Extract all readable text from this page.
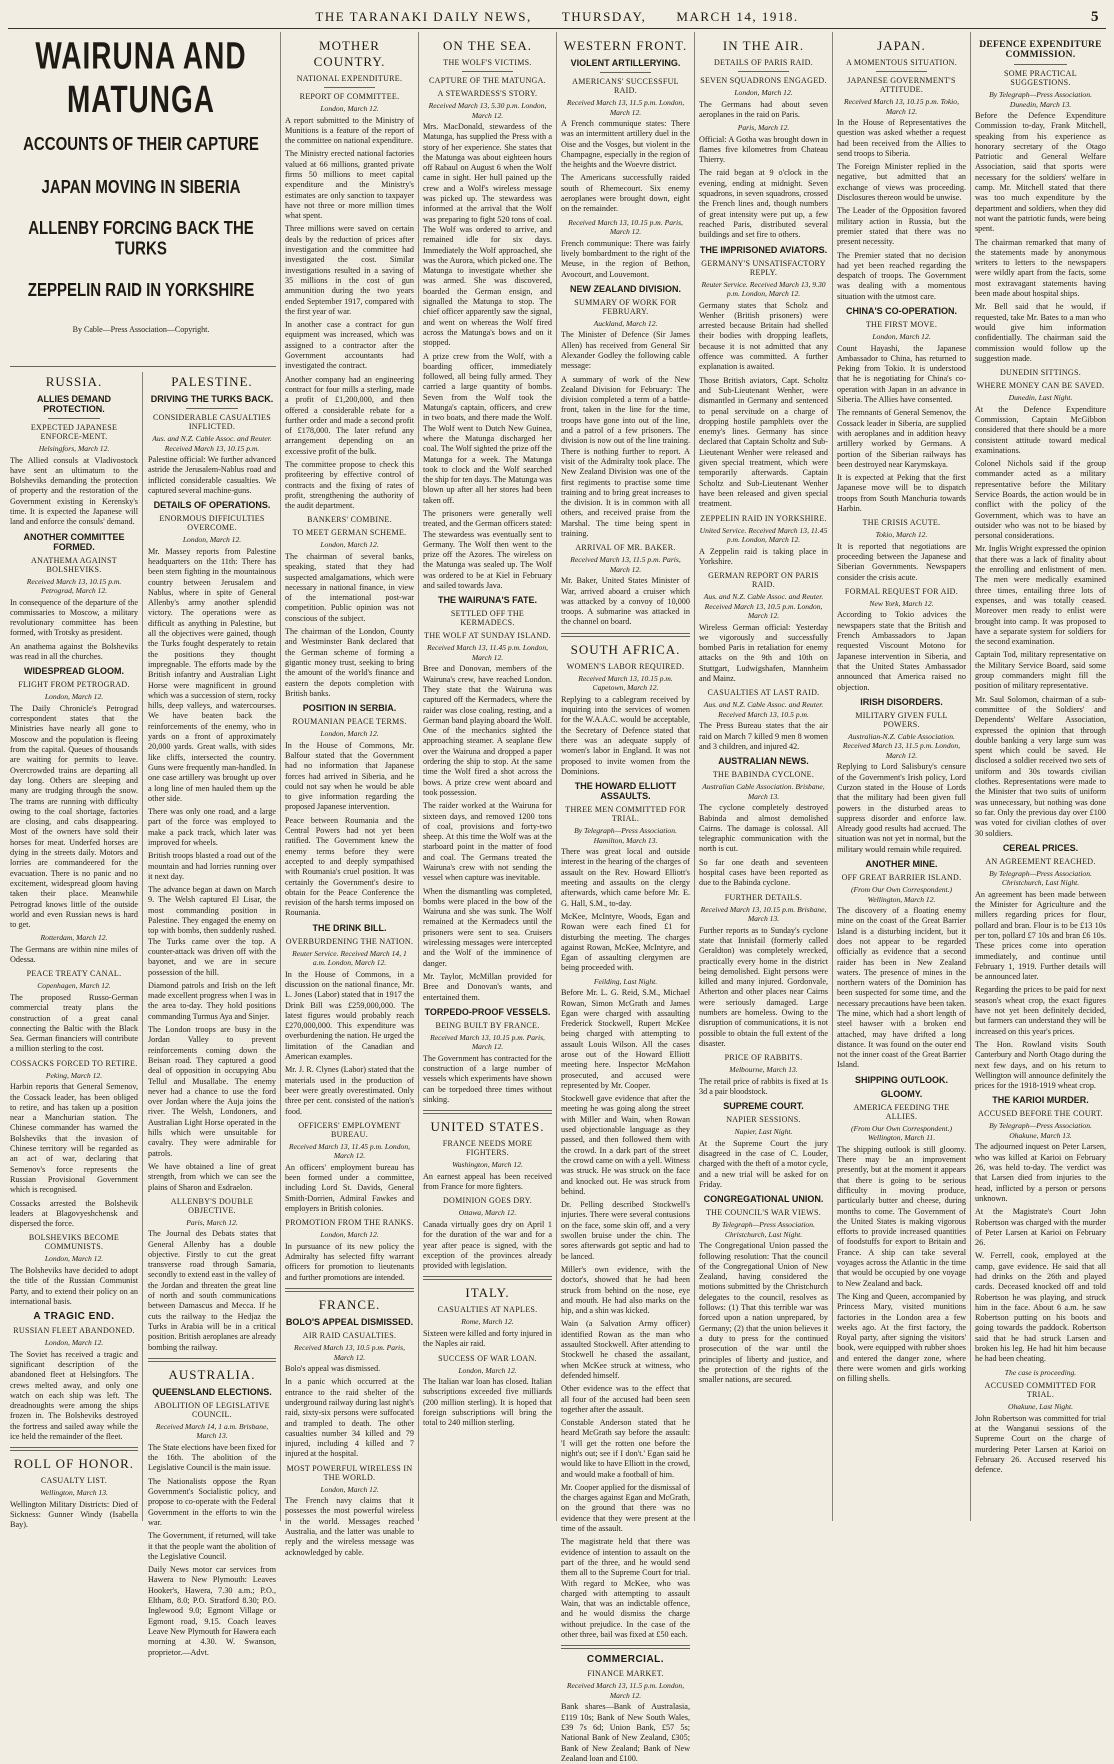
THE TARANAKI DAILY NEWS, THURSDAY, MARCH 14, 1918.	5
WAIRUNA AND MATUNGA
ACCOUNTS OF THEIR CAPTURE
JAPAN MOVING IN SIBERIA
ALLENBY FORCING BACK THE TURKS
ZEPPELIN RAID IN YORKSHIRE
By Cable—Press Association—Copyright.
RUSSIA.
ALLIES DEMAND PROTECTION.
EXPECTED JAPANESE ENFORCE-MENT.
Helsingfors, March 12.

The Allied consuls at Vladivostock have sent an ultimatum to the Bolsheviks demanding the protection of property and the restoration of the Government existing in Kerensky's time. It is expected the Japanese will land and enforce the consuls' demand.

ANOTHER COMMITTEE FORMED.
ANATHEMA AGAINST BOLSHEVIKS.
Received March 13, 10.15 p.m. Petrograd, March 12.

In consequence of the departure of the commissaries to Moscow, a military revolutionary committee has been formed, with Trotsky as president.

An anathema against the Bolsheviks was read in all the churches.

WIDESPREAD GLOOM.
FLIGHT FROM PETROGRAD.
London, March 12.

The Daily Chronicle's Petrograd correspondent states that the Ministries have nearly all gone to Moscow and the population is fleeing from the capital. Queues of thousands are waiting for permits to leave. Overcrowded trains are departing all day long. Others are sleeping and many are trudging through the snow. The trams are running with difficulty owing to the coal shortage, factories are closing, and cabs disappearing. Most of the owners have sold their horses for meat. Underfed horses are dying in the streets daily. Motors and lorries are commandeered for the evacuation. There is no panic and no excitement, widespread gloom having taken their place. Meanwhile Petrograd knows little of the outside world and even Russian news is hard to get.

Rotterdam, March 12.

The Germans are within nine miles of Odessa.

PEACE TREATY CANAL.
Copenhagen, March 12.

The proposed Russo-German commercial treaty plans the construction of a great canal connecting the Baltic with the Black Sea. German financiers will contribute a million sterling to the cost.

COSSACKS FORCED TO RETIRE.
Peking, March 12.

Harbin reports that General Semenov, the Cossack leader, has been obliged to retire, and has taken up a position near a Manchurian station. The Chinese commander has warned the Bolsheviks that the invasion of Chinese territory will be regarded as an act of war, declaring that Semenov's force represents the Russian Provisional Government which is recognised.

Cossacks arrested the Bolshevik leaders at Blagovyeshchensk and dispersed the force.

BOLSHEVIKS BECOME COMMUNISTS.
London, March 12.

The Bolsheviks have decided to adopt the title of the Russian Communist Party, and to extend their policy on an international basis.

A TRAGIC END.
RUSSIAN FLEET ABANDONED.
London, March 12.

The Soviet has received a tragic and significant description of the abandoned fleet at Helsingfors. The crews melted away, and only one watch on each ship was left. The dreadnoughts were among the ships frozen in. The Bolsheviks destroyed the fortress and sailed away while the ice held the remainder of the fleet.

ROLL OF HONOR.
CASUALTY LIST.
Wellington, March 13.

Wellington Military Districts: Died of Sickness: Gunner Windy (Isabella Bay).

PALESTINE.
DRIVING THE TURKS BACK.
CONSIDERABLE CASUALTIES INFLICTED.
Aus. and N.Z. Cable Assoc. and Reuter. Received March 13, 10.15 p.m.

Palestine official: We further advanced astride the Jerusalem-Nablus road and inflicted considerable casualties. We captured several machine-guns.

DETAILS OF OPERATIONS.
ENORMOUS DIFFICULTIES OVERCOME.
London, March 12.

Mr. Massey reports from Palestine headquarters on the 11th: There has been stern fighting in the mountainous country between Jerusalem and Nablus, where in spite of General Allenby's army another splendid victory. The operations were as difficult as anything in Palestine, but all the objectives were gained, though the Turks fought desperately to retain the positions they thought impregnable. The efforts made by the British infantry and Australian Light Horse were magnificent in ground which was a succession of stern, rocky hills, deep valleys, and watercourses. We have beaten back the reinforcements of the enemy, who in yards on a front of approximately 20,000 yards. Great walls, with sides like cliffs, intersected the country. Guns were frequently man-handled. In one case artillery was brought up over a long line of men hauled them up the other side.

There was only one road, and a large part of the force was employed to make a pack track, which later was improved for wheels.

British troops blasted a road out of the mountain and had lorries running over it next day.

The advance began at dawn on March 9. The Welsh captured El Lisar, the most commanding position in Palestine. They engaged the enemy on top with bombs, then suddenly rushed. The Turks came over the top. A counter-attack was driven off with the bayonet, and we are in secure possession of the hill.

Diamond patrols and Irish on the left made excellent progress when I was in the area to-day. They hold positions commanding Turmus Aya and Sinjer.

The London troops are busy in the Jordan Valley to prevent reinforcements coming down the Beisan road. They captured a good deal of opposition in occupying Abu Tellul and Musallabe. The enemy never had a chance to use the ford over Jordan where the Auja joins the river. The Welsh, Londoners, and Australian Light Horse operated in the hills which were unsuitable for cavalry. They were admirable for patrols.

We have obtained a line of great strength, from which we can see the plains of Sharon and Esdraelon.

ALLENBY'S DOUBLE OBJECTIVE.
Paris, March 12.

The Journal des Debats states that General Allenby has a double objective. Firstly to cut the great transverse road through Samaria, secondly to extend east in the valley of the Jordan and threaten the great line of north and south communications between Damascus and Mecca. If he cuts the railway to the Hedjaz the Turks in Arabia will be in a critical position. British aeroplanes are already bombing the railway.

AUSTRALIA.
QUEENSLAND ELECTIONS.
ABOLITION OF LEGISLATIVE COUNCIL.
Received March 14, 1 a.m. Brisbane, March 13.

The State elections have been fixed for the 16th. The abolition of the Legislative Council is the main issue.

The Nationalists oppose the Ryan Government's Socialistic policy, and propose to co-operate with the Federal Government in the efforts to win the war.

The Government, if returned, will take it that the people want the abolition of the Legislative Council.

Daily News motor car services from Hawera to New Plymouth: Leaves Hooker's, Hawera, 7.30 a.m.; P.O., Eltham, 8.0; P.O. Stratford 8.30; P.O. Inglewood 9.0; Egmont Village or Egmont road, 9.15. Coach leaves Leave New Plymouth for Hawera each morning at 4.30. W. Swanson, proprietor.—Advt.

MOTHER COUNTRY.
NATIONAL EXPENDITURE.
REPORT OF COMMITTEE.
London, March 12.

A report submitted to the Ministry of Munitions is a feature of the report of the committee on national expenditure.

The Ministry erected national factories valued at 66 millions, granted private firms 50 millions to meet capital expenditure and the Ministry's estimates are only sanction to taxpayer have not three or more million times what spent.

Three millions were saved on certain deals by the reduction of prices after investigation and the committee had investigated the cost. Similar investigations resulted in a saving of 35 millions in the cost of gun ammunition during the two years ended September 1917, compared with the first year of war.

In another case a contract for gun equipment was increased, which was assigned to a contractor after the Government accountants had investigated the contract.

Another company had an engineering contract for four mills a sterling, made a profit of £1,200,000, and then offered a considerable rebate for a further order and made a second profit of £178,000. The later refund any arrangement depending on an excessive profit of the bulk.

The committee propose to check this profiteering by effective control of contracts and the fixing of rates of profit, strengthening the authority of the audit department.

BANKERS' COMBINE.
TO MEET GERMAN SCHEME.
London, March 12.

The chairman of several banks, speaking, stated that they had suspected amalgamations, which were necessary in national finance, in view of the international post-war competition. Public opinion was not conscious of the subject.

The chairman of the London, County and Westminster Bank declared that the German scheme of forming a gigantic money trust, seeking to bring the amount of the world's finance and eastern the depots completion with British banks.

POSITION IN SERBIA.
ROUMANIAN PEACE TERMS.
London, March 12.

In the House of Commons, Mr. Balfour stated that the Government had no information that Japanese forces had arrived in Siberia, and he could not say when he would be able to give information regarding the proposed Japanese intervention.

Peace between Roumania and the Central Powers had not yet been ratified. The Government knew the enemy terms before they were accepted to and deeply sympathised with Roumania's cruel position. It was certainly the Government's desire to obtain for the Peace Conference the revision of the harsh terms imposed on Roumania.

THE DRINK BILL.
OVERBURDENING THE NATION.
Reuter Service. Received March 14, 1 a.m. London, March 12.

In the House of Commons, in a discussion on the national finance, Mr. L. Jones (Labor) stated that in 1917 the Drink Bill was £259,000,000. The latest figures would probably reach £270,000,000. This expenditure was overburdening the nation. He urged the limitation of the Canadian and American examples.

Mr. J. R. Clynes (Labor) stated that the materials used in the production of beer were greatly overestimated. Only three per cent. consisted of the nation's food.

OFFICERS' EMPLOYMENT BUREAU.
Received March 13, 11.45 p.m. London, March 12.

An officers' employment bureau has been formed under a committee, including Lord St. Davids, General Smith-Dorrien, Admiral Fawkes and employers in British colonies.

PROMOTION FROM THE RANKS.
London, March 12.

In pursuance of its new policy the Admiralty has selected fifty warrant officers for promotion to lieutenants and further promotions are intended.

FRANCE.
BOLO'S APPEAL DISMISSED.
AIR RAID CASUALTIES.
Received March 13, 10.5 p.m. Paris, March 12.

Bolo's appeal was dismissed.

In a panic which occurred at the entrance to the raid shelter of the underground railway during last night's raid, sixty-six persons were suffocated and trampled to death. The other casualties number 34 killed and 79 injured, including 4 killed and 7 injured at the hospital.

MOST POWERFUL WIRELESS IN THE WORLD.
London, March 12.

The French navy claims that it possesses the most powerful wireless in the world. Messages reached Australia, and the latter was unable to reply and the wireless message was acknowledged by cable.

ON THE SEA.
THE WOLF'S VICTIMS.
CAPTURE OF THE MATUNGA.
A STEWARDESS'S STORY.
Received March 13, 5.30 p.m. London, March 12.

Mrs. MacDonald, stewardess of the Matunga, has supplied the Press with a story of her experience. She states that the Matunga was about eighteen hours off Rabaul on August 6 when the Wolf came in sight. Her hull pained up the crew and a Wolf's wireless message was picked up. The stewardess was informed at the arrival that the Wolf was preparing to fight 520 tons of coal. The Wolf was ordered to arrive, and remained idle for six days. Immediately the Wolf approached, she was the Aurora, which picked one. The Matunga to investigate whether she was armed. She was discovered, boarded the German ensign, and signalled the Matunga to stop. The chief officer apparently saw the signal, and went on whereas the Wolf fired across the Matunga's bows and on it stopped.

A prize crew from the Wolf, with a boarding officer, immediately followed, all being fully armed. They carried a large quantity of bombs. Seven from the Wolf took the Matunga's captain, officers, and crew in two boats, and there made the Wolf. The Wolf went to Dutch New Guinea, where the Matunga discharged her coal. The Wolf sighted the prize off the Matunga for a week. The Matunga took to clock and the Wolf searched the ship for ten days. The Matunga was blown up after all her stores had been taken off.

The prisoners were generally well treated, and the German officers stated: The stewardess was eventually sent to Germany. The Wolf then went to the prize off the Azores. The wireless on the Matunga was sealed up. The Wolf was ordered to be at Kiel in February and sailed towards Java.

THE WAIRUNA'S FATE.
SETTLED OFF THE KERMADECS.
THE WOLF AT SUNDAY ISLAND.
Received March 13, 11.45 p.m. London, March 12.

Bree and Donovan, members of the Wairuna's crew, have reached London. They state that the Wairuna was captured off the Kermadecs, where the raider was close coaling, resting, and a German band playing aboard the Wolf. One of the mechanics sighted the approaching steamer. A seaplane flew over the Wairuna and dropped a paper ordering the ship to stop. At the same time the Wolf fired a shot across the bows. A prize crew went aboard and took possession.

The raider worked at the Wairuna for sixteen days, and removed 1200 tons of coal, provisions and forty-two sheep. At this time the Wolf was at the starboard point in the matter of food and coal. The Germans treated the Wairuna's crew with not sending the vessel when capture was inevitable.

When the dismantling was completed, bombs were placed in the bow of the Wairuna and she was sunk. The Wolf remained at the Kermadecs until the prisoners were sent to sea. Cruisers wirelessing messages were intercepted and the Wolf of the imminence of danger.

Mr. Taylor, McMillan provided for Bree and Donovan's wants, and entertained them.

TORPEDO-PROOF VESSELS.
BEING BUILT BY FRANCE.
Received March 13, 10.15 p.m. Paris, March 12.

The Government has contracted for the construction of a large number of vessels which experiments have shown can be torpedoed three times without sinking.

UNITED STATES.
FRANCE NEEDS MORE FIGHTERS.
Washington, March 12.

An earnest appeal has been received from France for more fighters.

DOMINION GOES DRY.
Ottawa, March 12.

Canada virtually goes dry on April 1 for the duration of the war and for a year after peace is signed, with the exception of the provinces already provided with legislation.

ITALY.
CASUALTIES AT NAPLES.
Rome, March 12.

Sixteen were killed and forty injured in the Naples air raid.

SUCCESS OF WAR LOAN.
London, March 12.

The Italian war loan has closed. Italian subscriptions exceeded five milliards (200 million sterling). It is hoped that foreign subscriptions will bring the total to 240 million sterling.

WESTERN FRONT.
VIOLENT ARTILLERYING.
AMERICANS' SUCCESSFUL RAID.
Received March 13, 11.5 p.m. London, March 12.

A French communique states: There was an intermittent artillery duel in the Oise and the Vosges, but violent in the Champagne, especially in the region of the heights and the Woevre district.

The Americans successfully raided south of Rhemecourt. Six enemy aeroplanes were brought down, eight on the remainder.

Received March 13, 10.15 p.m. Paris, March 12.

French communique: There was fairly lively bombardment to the right of the Meuse, in the region of Bethon, Avocourt, and Louvemont.

NEW ZEALAND DIVISION.
SUMMARY OF WORK FOR FEBRUARY.
Auckland, March 12.

The Minister of Defence (Sir James Allen) has received from General Sir Alexander Godley the following cable message:

A summary of work of the New Zealand Division for February: The division completed a term of a battle-front, taken in the line for the time, troops have gone into out of the line, and a patrol of a few prisoners. The division is now out of the line training. There is nothing further to report. A visit of the Admiralty took place. The New Zealand Division was one of the first regiments to practise some time training and to bring great increases to the division. It is in common with all others, and received praise from the Marshal. The time being spent in training.

ARRIVAL OF MR. BAKER.
Received March 13, 11.5 p.m. Paris, March 12.

Mr. Baker, United States Minister of War, arrived aboard a cruiser which was attacked by a convoy of 10,000 troops. A submarine was attacked in the channel on board.

SOUTH AFRICA.
WOMEN'S LABOR REQUIRED.
Received March 13, 10.15 p.m. Capetown, March 12.

Replying to a cablegram received by inquiring into the services of women for the W.A.A.C. would be acceptable, the Secretary of Defence stated that there was an adequate supply of women's labor in England. It was not proposed to invite women from the Dominions.

THE HOWARD ELLIOTT ASSAULTS.
THREE MEN COMMITTED FOR TRIAL.
By Telegraph—Press Association. Hamilton, March 13.

There was great local and outside interest in the hearing of the charges of assault on the Rev. Howard Elliott's meeting and assaults on the clergy afterwards, which came before Mr. E. G. Hall, S.M., to-day.

McKee, McIntyre, Woods, Egan and Rowan were each fined £1 for disturbing the meeting. The charges against Rowan, McKee, McIntyre, and Egan of assaulting clergymen are being proceeded with.

Feilding, Last Night.

Before Mr. L. G. Reid, S.M., Michael Rowan, Simon McGrath and James Egan were charged with assaulting Frederick Stockwell, Rupert McKee being charged with attempting to assault Louis Wilson. All the cases arose out of the Howard Elliott meeting here. Inspector McMahon prosecuted, and accused were represented by Mr. Cooper.

Stockwell gave evidence that after the meeting he was going along the street with Miller and Wain, when Rowan used objectionable language as they passed, and then followed them with the crowd. In a dark part of the street the crowd came on with a yell. Witness was struck. He was struck on the face and knocked out. He was struck from behind.

Dr. Pelling described Stockwell's injuries. There were several contusions on the face, some skin off, and a very swollen bruise under the chin. The sores afterwards got septic and had to be lanced.

Miller's own evidence, with the doctor's, showed that he had been struck from behind on the nose, eye and mouth. He had also marks on the hip, and a shin was kicked.

Wain (a Salvation Army officer) identified Rowan as the man who assaulted Stockwell. After attending to Stockwell he chased the assailant, when McKee struck at witness, who defended himself.

Other evidence was to the effect that all four of the accused had been seen together after the assault.

Constable Anderson stated that he heard McGrath say before the assault: 'I will get the rotten one before the night's out; see if I don't.' Egan said he would like to have Elliott in the crowd, and would make a football of him.

Mr. Cooper applied for the dismissal of the charges against Egan and McGrath, on the ground that there was no evidence that they were present at the time of the assault.

The magistrate held that there was evidence of intention to assault on the part of the three, and he would send them all to the Supreme Court for trial. With regard to McKee, who was charged with attempting to assault Wain, that was an indictable offence, and he would dismiss the charge without prejudice. In the case of the other three, bail was fixed at £50 each.

COMMERCIAL.
FINANCE MARKET.
Received March 13, 11.5 p.m. London, March 12.

Bank shares—Bank of Australasia, £119 10s; Bank of New South Wales, £39 7s 6d; Union Bank, £57 5s; National Bank of New Zealand, £305; Bank of New Zealand; Bank of New Zealand loan and £100.

IN THE AIR.
DETAILS OF PARIS RAID.
SEVEN SQUADRONS ENGAGED.
London, March 12.

The Germans had about seven aeroplanes in the raid on Paris.

Paris, March 12.

Official: A Gotha was brought down in flames five kilometres from Chateau Thierry.

The raid began at 9 o'clock in the evening, ending at midnight. Seven squadrons, in seven squadrons, crossed the French lines and, though numbers of great intensity were put up, a few reached Paris, distributed several buildings and set fire to others.

THE IMPRISONED AVIATORS.
GERMANY'S UNSATISFACTORY REPLY.
Reuter Service. Received March 13, 9.30 p.m. London, March 12.

Germany states that Scholz and Wenher (British prisoners) were arrested because Britain had shelled their bodies with dropping leaflets, because it is not admitted that any offence was committed. A further explanation is awaited.

Those British aviators, Capt. Scholtz and Sub-Lieutenant Wenher, were dismantled in Germany and sentenced to penal servitude on a charge of dropping hostile pamphlets over the enemy's lines. Germany has since declared that Captain Scholtz and Sub-Lieutenant Wenher were released and given special treatment, which were temporarily afterwards. Captain Scholtz and Sub-Lieutenant Wenher have been released and given special treatment.

ZEPPELIN RAID IN YORKSHIRE.
United Service. Received March 13, 11.45 p.m. London, March 12.

A Zeppelin raid is taking place in Yorkshire.

GERMAN REPORT ON PARIS RAID.
Aus. and N.Z. Cable Assoc. and Reuter. Received March 13, 10.5 p.m. London, March 12.

Wireless German official: Yesterday we vigorously and successfully bombed Paris in retaliation for enemy attacks on the 9th and 10th on Stuttgart, Ludwigshafen, Mannheim and Mainz.

CASUALTIES AT LAST RAID.
Aus. and N.Z. Cable Assoc. and Reuter. Received March 13, 10.5 p.m.

The Press Bureau states that the air raid on March 7 killed 9 men 8 women and 3 children, and injured 42.

AUSTRALIAN NEWS.
THE BABINDA CYCLONE.
Australian Cable Association. Brisbane, March 13.

The cyclone completely destroyed Babinda and almost demolished Cairns. The damage is colossal. All telegraphic communication with the north is cut.

So far one death and seventeen hospital cases have been reported as due to the Babinda cyclone.

FURTHER DETAILS.
Received March 13, 10.15 p.m. Brisbane, March 13.

Further reports as to Sunday's cyclone state that Innisfail (formerly called Geraldton) was completely wrecked, practically every home in the district being demolished. Eight persons were killed and many injured. Gordonvale, Atherton and other places near Cairns were seriously damaged. Large numbers are homeless. Owing to the disruption of communications, it is not possible to obtain the full extent of the disaster.

PRICE OF RABBITS.
Melbourne, March 13.

The retail price of rabbits is fixed at 1s 3d a pair bloodstock.

SUPREME COURT.
NAPIER SESSIONS.
Napier, Last Night.

At the Supreme Court the jury disagreed in the case of C. Louder, charged with the theft of a motor cycle, and a new trial will be asked for on Friday.

CONGREGATIONAL UNION.
THE COUNCIL'S WAR VIEWS.
By Telegraph—Press Association. Christchurch, Last Night.

The Congregational Union passed the following resolution: That the council of the Congregational Union of New Zealand, having considered the motions submitted by the Christchurch delegates to the council, resolves as follows: (1) That this terrible war was forced upon a nation unprepared, by Germany; (2) that the union believes it a duty to press for the continued prosecution of the war until the principles of liberty and justice, and the protection of the rights of the smaller nations, are secured.

JAPAN.
A MOMENTOUS SITUATION.
JAPANESE GOVERNMENT'S ATTITUDE.
Received March 13, 10.15 p.m. Tokio, March 12.

In the House of Representatives the question was asked whether a request had been received from the Allies to send troops to Siberia.

The Foreign Minister replied in the negative, but admitted that an exchange of views was proceeding. Disclosures thereon would be unwise.

The Leader of the Opposition favored military action in Russia, but the premier stated that there was no present necessity.

The Premier stated that no decision had yet been reached regarding the despatch of troops. The Government was dealing with a momentous situation with the utmost care.

CHINA'S CO-OPERATION.
THE FIRST MOVE.
London, March 12.

Count Hayashi, the Japanese Ambassador to China, has returned to Peking from Tokio. It is understood that he is negotiating for China's co-operation with Japan in an advance in Siberia. The Allies have consented.

The remnants of General Semenov, the Cossack leader in Siberia, are supplied with aeroplanes and in addition heavy artillery worked by Germans. A portion of the Siberian railways has been destroyed near Karymskaya.

It is expected at Peking that the first Japanese move will be to dispatch troops from South Manchuria towards Harbin.

THE CRISIS ACUTE.
Tokio, March 12.

It is reported that negotiations are proceeding between the Japanese and Siberian Governments. Newspapers consider the crisis acute.

FORMAL REQUEST FOR AID.
New York, March 12.

According to Tokio advices the newspapers state that the British and French Ambassadors to Japan requested Viscount Motono for Japanese intervention in Siberia, and that the United States Ambassador announced that America raised no objection.

IRISH DISORDERS.
MILITARY GIVEN FULL POWERS.
Australian-N.Z. Cable Association. Received March 13, 11.5 p.m. London, March 12.

Replying to Lord Salisbury's censure of the Government's Irish policy, Lord Curzon stated in the House of Lords that the military had been given full powers in the disturbed areas to suppress disorder and enforce law. Already good results had accrued. The situation was not yet in normal, but the military would remain while required.

ANOTHER MINE.
OFF GREAT BARRIER ISLAND.
(From Our Own Correspondent.) Wellington, March 12.

The discovery of a floating enemy mine on the coast of the Great Barrier Island is a disturbing incident, but it does not appear to be regarded officially as evidence that a second raider has been in New Zealand waters. The presence of mines in the northern waters of the Dominion has been suspected for some time, and the necessary precautions have been taken. The mine, which had a short length of steel hawser with a broken end attached, may have drifted a long distance. It was found on the outer end not the inner coast of the Great Barrier Island.

SHIPPING OUTLOOK.
GLOOMY.
AMERICA FEEDING THE ALLIES.
(From Our Own Correspondent.) Wellington, March 11.

The shipping outlook is still gloomy. There may be an improvement presently, but at the moment it appears that there is going to be serious difficulty in moving produce, particularly butter and cheese, during months to come. The Government of the United States is making vigorous efforts to provide increased quantities of foodstuffs for export to Britain and France. A ship can take several voyages across the Atlantic in the time that would be occupied by one voyage to New Zealand and back.

The King and Queen, accompanied by Princess Mary, visited munitions factories in the London area a few weeks ago. At the first factory, the Royal party, after signing the visitors' book, were equipped with rubber shoes and entered the danger zone, where there were women and girls working on filling shells.

DEFENCE EXPENDITURE COMMISSION.
SOME PRACTICAL SUGGESTIONS.
By Telegraph—Press Association. Dunedin, March 13.

Before the Defence Expenditure Commission to-day, Frank Mitchell, speaking from his experience as honorary secretary of the Otago Patriotic and General Welfare Association, said that sports were necessary for the soldiers' welfare in camp. Mr. Mitchell stated that there was too much expenditure by the department and soldiers, when they did not want the patriotic funds, were being spent.

The chairman remarked that many of the statements made by anonymous writers to letters to the newspapers were wildly apart from the facts, some most extravagant statements having been made about hospital ships.

Mr. Bell said that he would, if requested, take Mr. Bates to a man who would give him information confidentially. The chairman said the commission would follow up the suggestion made.

DUNEDIN SITTINGS.
WHERE MONEY CAN BE SAVED.
Dunedin, Last Night.

At the Defence Expenditure Commission, Captain McGibbon considered that there should be a more consistent attitude toward medical examinations.

Colonel Nichols said if the group commander acted as a military representative before the Military Service Boards, the action would be in conflict with the policy of the Government, which was to have an outsider who was not to be biased by personal considerations.

Mr. Inglis Wright expressed the opinion that there was a lack of finality about the enrolling and enlistment of men. The men were medically examined three times, entailing three lots of expenses, and was totally ceased. Moreover men ready to enlist were brought into camp. It was proposed to have a separate system for soldiers for the second examination.

Captain Tod, military representative on the Military Service Board, said some group commanders might fill the position of military representative.

Mr. Saul Solomon, chairman of a sub-committee of the Soldiers' and Dependents' Welfare Association, expressed the opinion that through double banking a very large sum was spent which could be saved. He disclosed a soldier received two sets of uniform and 30s towards civilian clothes. Representations were made to the Minister that two suits of uniform was unnecessary, but nothing was done so far. Only the previous day over £100 was voted for civilian clothes of over 30 soldiers.

CEREAL PRICES.
AN AGREEMENT REACHED.
By Telegraph—Press Association. Christchurch, Last Night.

An agreement has been made between the Minister for Agriculture and the millers regarding prices for flour, pollard and bran. Flour is to be £13 10s per ton, pollard £7 10s and bran £6 10s. These prices come into operation immediately, and continue until February 1, 1919. Further details will be announced later.

Regarding the prices to be paid for next season's wheat crop, the exact figures have not yet been definitely decided, but farmers can understand they will be increased on this year's prices.

The Hon. Rowland visits South Canterbury and North Otago during the next few days, and on his return to Wellington will announce definitely the prices for the 1918-1919 wheat crop.

THE KARIOI MURDER.
ACCUSED BEFORE THE COURT.
By Telegraph—Press Association. Ohakune, March 13.

The adjourned inquest on Peter Larsen, who was killed at Karioi on February 26, was held to-day. The verdict was that Larsen died from injuries to the head, inflicted by a person or persons unknown.

At the Magistrate's Court John Robertson was charged with the murder of Peter Larsen at Karioi on February 26.

W. Ferrell, cook, employed at the camp, gave evidence. He said that all had drinks on the 26th and played cards. Deceased knocked off and told Robertson he was playing, and struck him in the face. About 6 a.m. he saw Robertson putting on his boots and going towards the paddock. Robertson said that he had struck Larsen and broken his leg. He had hit him because he had been cheating.

The case is proceeding.
ACCUSED COMMITTED FOR TRIAL.
Ohakune, Last Night.

John Robertson was committed for trial at the Wanganui sessions of the Supreme Court on the charge of murdering Peter Larsen at Karioi on February 26. Accused reserved his defence.
